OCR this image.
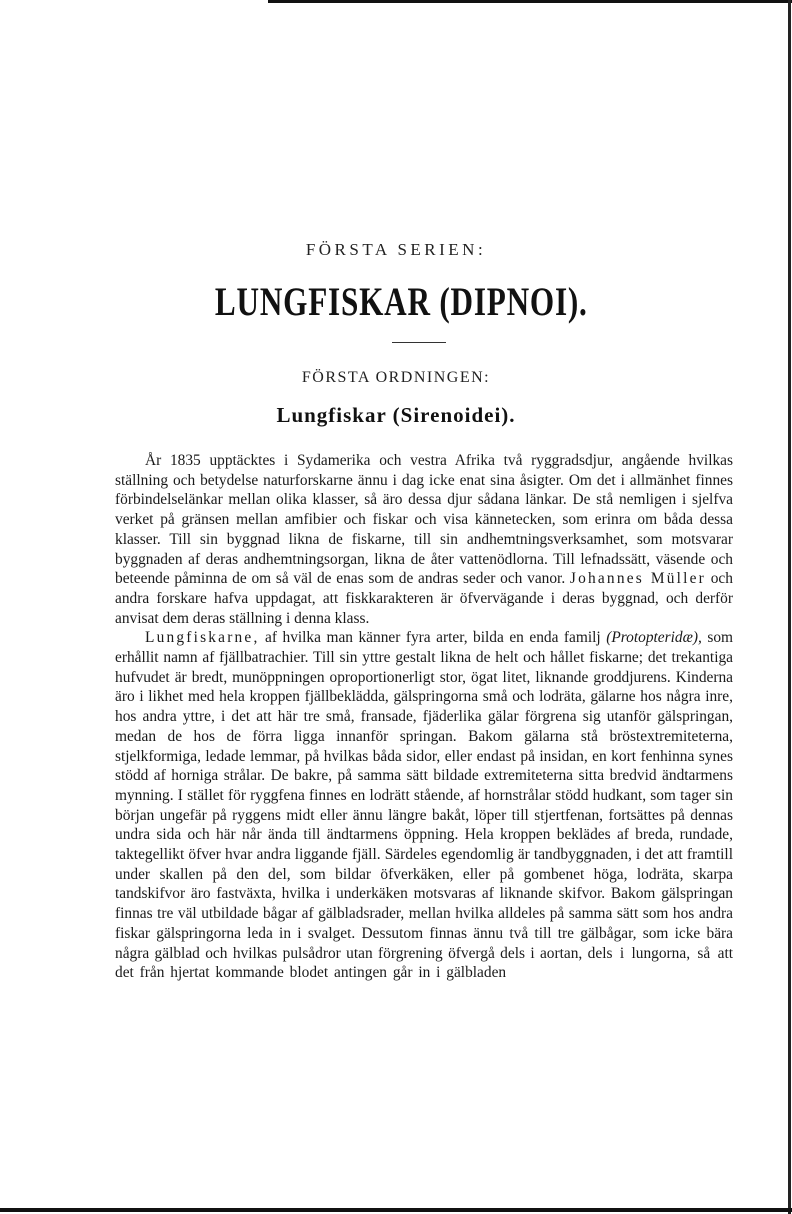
FÖRSTA SERIEN:
LUNGFISKAR (DIPNOI).
FÖRSTA ORDNINGEN:
Lungfiskar (Sirenoidei).

År 1835 upptäcktes i Sydamerika och vestra Afrika två ryggradsdjur, angående hvilkas ställning och betydelse naturforskarne ännu i dag icke enat sina åsigter. Om det i allmänhet finnes förbindelselänkar mellan olika klasser, så äro dessa djur sådana länkar. De stå nemligen i sjelfva verket på gränsen mellan amfibier och fiskar och visa kännetecken, som erinra om båda dessa klasser. Till sin byggnad likna de fiskarne, till sin andhemtningsverksamhet, som motsvarar byggnaden af deras andhemtningsorgan, likna de åter vattenödlorna. Till lefnadssätt, väsende och beteende påminna de om så väl de enas som de andras seder och vanor. Johannes Müller och andra forskare hafva uppdagat, att fiskkarakteren är öfvervägande i deras byggnad, och derför anvisat dem deras ställning i denna klass.

Lungfiskarne, af hvilka man känner fyra arter, bilda en enda familj (Protopteridæ), som erhållit namn af fjällbatrachier. Till sin yttre gestalt likna de helt och hållet fiskarne; det trekantiga hufvudet är bredt, munöppningen oproportionerligt stor, ögat litet, liknande groddjurens. Kinderna äro i likhet med hela kroppen fjällbeklädda, gälspringorna små och lodräta, gälarne hos några inre, hos andra yttre, i det att här tre små, fransade, fjäderlika gälar förgrena sig utanför gälspringan, medan de hos de förra ligga innanför springan. Bakom gälarna stå bröstextremiteterna, stjelkformiga, ledade lemmar, på hvilkas båda sidor, eller endast på insidan, en kort fenhinna synes stödd af horniga strålar. De bakre, på samma sätt bildade extremiteterna sitta bredvid ändtarmens mynning. I stället för ryggfena finnes en lodrätt stående, af hornstrålar stödd hudkant, som tager sin början ungefär på ryggens midt eller ännu längre bakåt, löper till stjertfenan, fortsättes på dennas undra sida och här når ända till ändtarmens öppning. Hela kroppen beklädes af breda, rundade, taktegellikt öfver hvar andra liggande fjäll. Särdeles egendomlig är tandbyggnaden, i det att framtill under skallen på den del, som bildar öfverkäken, eller på gombenet höga, lodräta, skarpa tandskifvor äro fastväxta, hvilka i underkäken motsvaras af liknande skifvor. Bakom gälspringan finnas tre väl utbildade bågar af gälbladsrader, mellan hvilka alldeles på samma sätt som hos andra fiskar gälspringorna leda in i svalget. Dessutom finnas ännu två till tre gälbågar, som icke bära några gälblad och hvilkas pulsådror utan förgrening öfvergå dels i aortan, dels i lungorna, så att det från hjertat kommande blodet antingen går in i gälbladen
